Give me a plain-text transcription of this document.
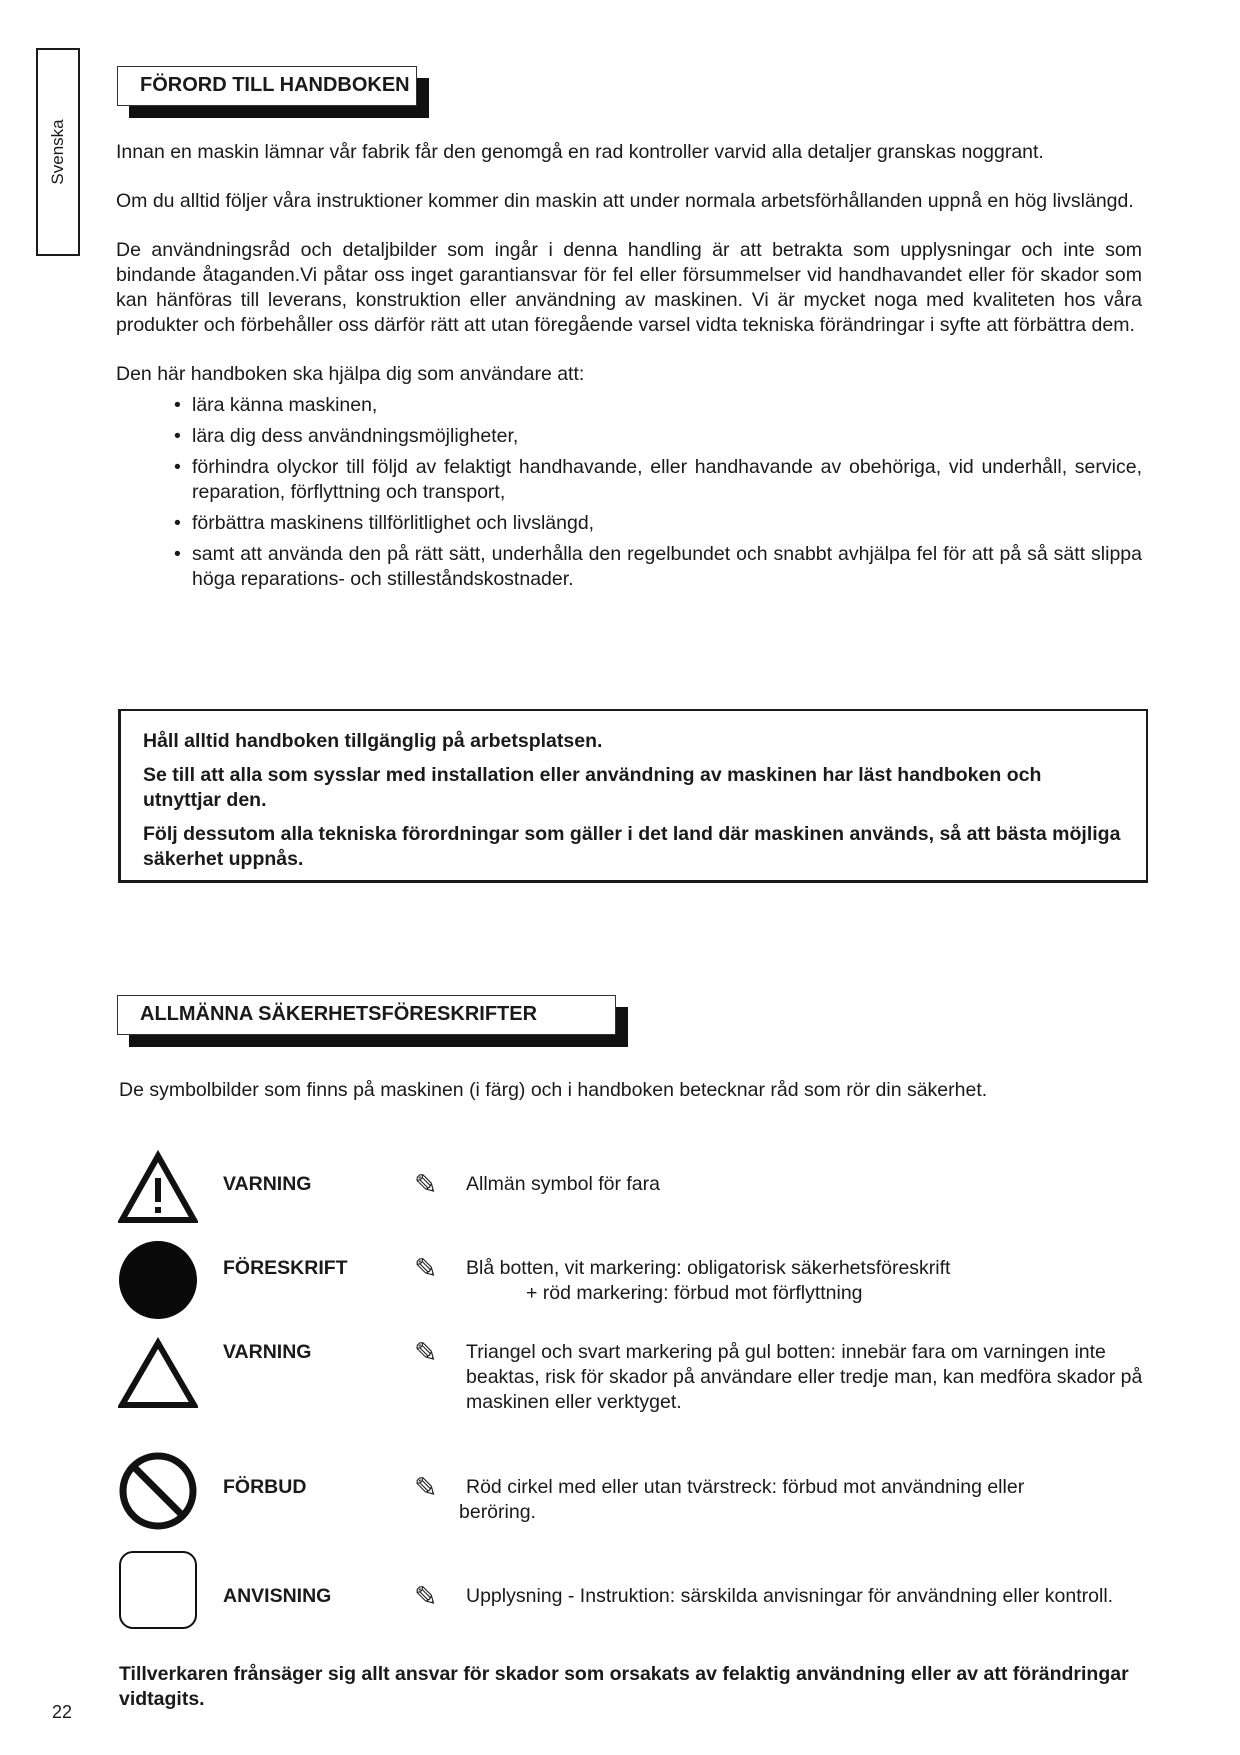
Svenska
FÖRORD TILL HANDBOKEN

Innan en maskin lämnar vår fabrik får den genomgå en rad kontroller varvid alla detaljer granskas noggrant.

Om du alltid följer våra instruktioner kommer din maskin att under normala arbetsförhållanden uppnå en hög livslängd.

De användningsråd och detaljbilder som ingår i denna handling är att betrakta som upplysningar och inte som bindande åtaganden.Vi påtar oss inget garantiansvar för fel eller försummelser vid handhavandet eller för skador som kan hänföras till leverans, konstruktion eller användning av maskinen. Vi är mycket noga med kvaliteten hos våra produkter och förbehåller oss därför rätt att utan föregående varsel vidta tekniska förändringar i syfte att förbättra dem.

Den här handboken ska hjälpa dig som användare att:

• lära känna maskinen,
• lära dig dess användningsmöjligheter,
• förhindra olyckor till följd av felaktigt handhavande, eller handhavande av obehöriga, vid underhåll, service, reparation, förflyttning och transport,
• förbättra maskinens tillförlitlighet och livslängd,
• samt att använda den på rätt sätt, underhålla den regelbundet och snabbt avhjälpa fel för att på så sätt slippa höga reparations- och stilleståndskostnader.

Håll alltid handboken tillgänglig på arbetsplatsen.

Se till att alla som sysslar med installation eller användning av maskinen har läst handboken och utnyttjar den.

Följ dessutom alla tekniska förordningar som gäller i det land där maskinen används, så att bästa möjliga säkerhet uppnås.

ALLMÄNNA SÄKERHETSFÖRESKRIFTER
De symbolbilder som finns på maskinen (i färg) och i handboken betecknar råd som rör din säkerhet.
VARNING	✎ Allmän symbol för fara
FÖRESKRIFT ✎ Blå botten, vit markering: obligatorisk säkerhetsföreskrift
+ röd markering: förbud mot förflyttning
VARNING	✎ Triangel och svart markering på gul botten: innebär fara om varningen inte beaktas, risk för skador på användare eller tredje man, kan medföra skador på maskinen eller verktyget.
FÖRBUD	✎ Röd cirkel med eller utan tvärstreck: förbud mot användning eller
beröring.
ANVISNING	✎ Upplysning - Instruktion: särskilda anvisningar för användning eller kontroll.
Tillverkaren frånsäger sig allt ansvar för skador som orsakats av felaktig användning eller av att förändringar vidtagits.
22
